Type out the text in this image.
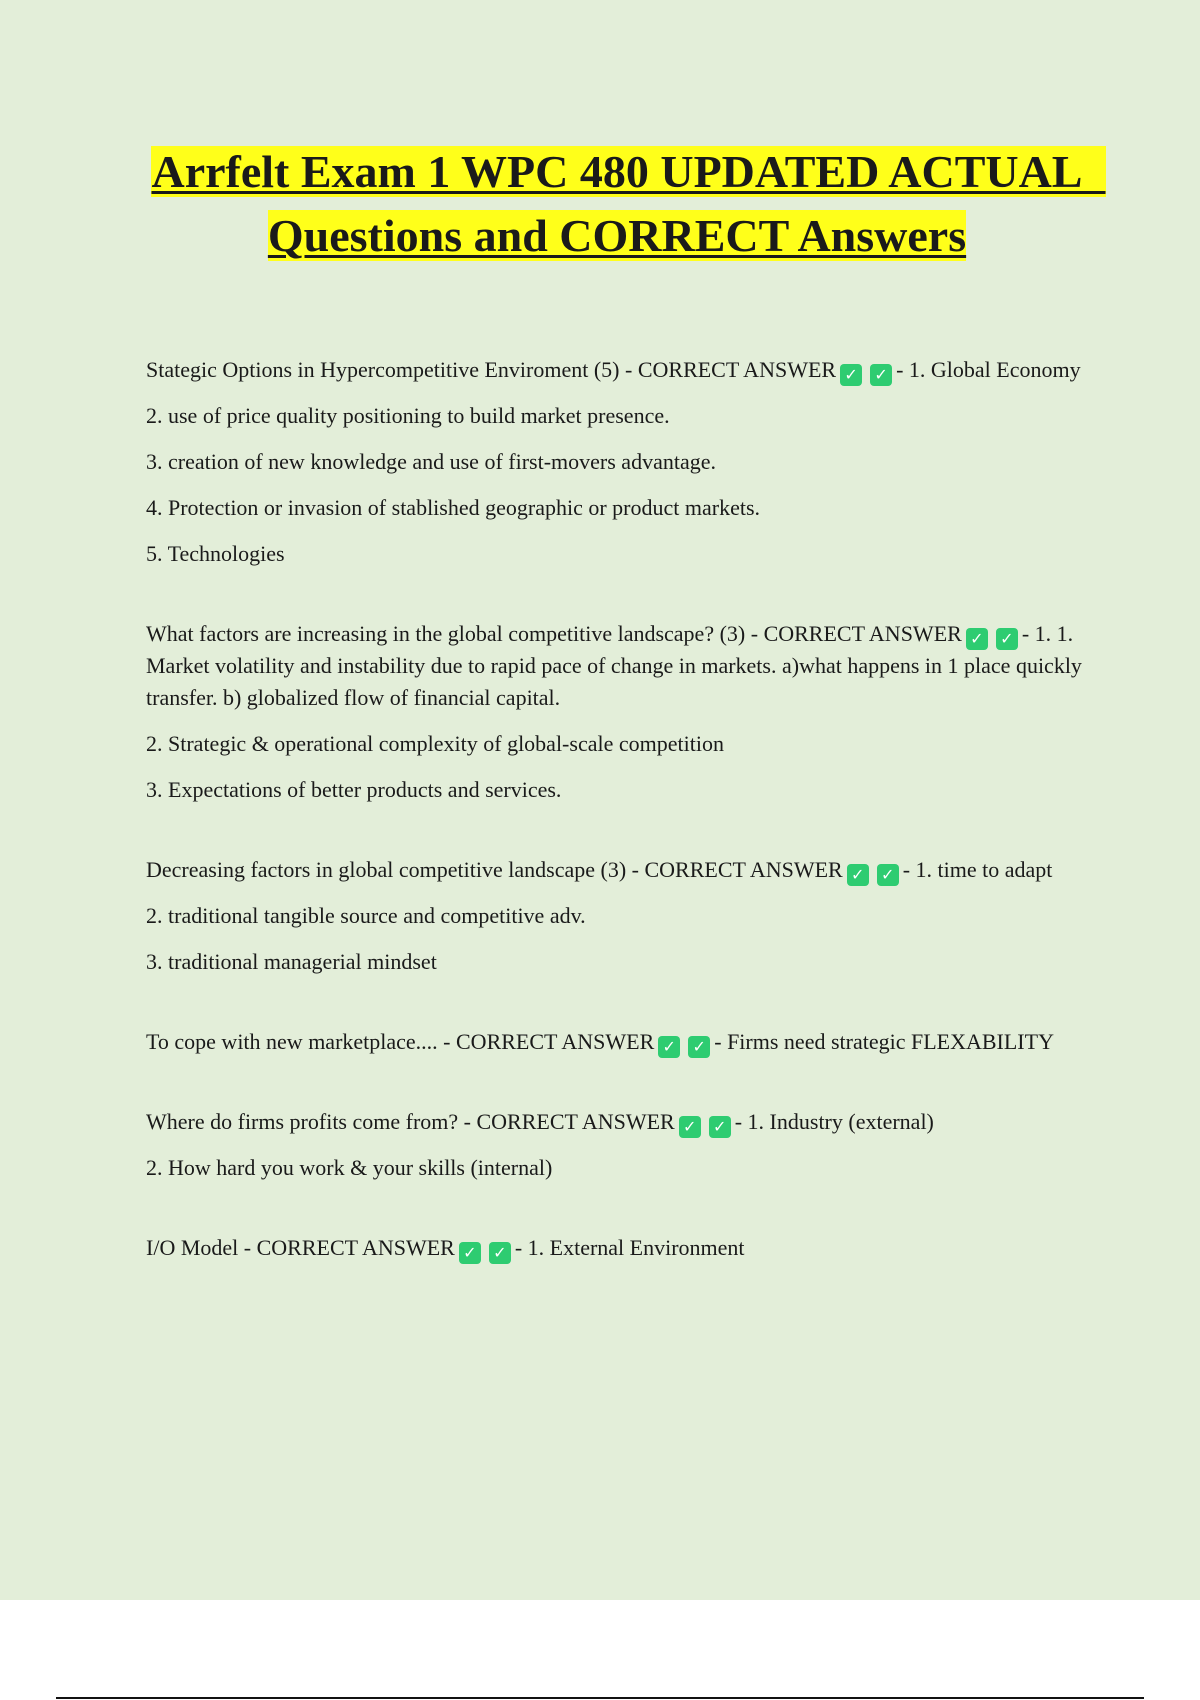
Arrfelt Exam 1 WPC 480 UPDATED ACTUAL  Questions and CORRECT Answers

Stategic Options in Hypercompetitive Enviroment (5) - CORRECT ANSWER ✓ ✓ - 1. Global Economy

2. use of price quality positioning to build market presence.

3. creation of new knowledge and use of first-movers advantage.

4. Protection or invasion of stablished geographic or product markets.

5. Technologies

What factors are increasing in the global competitive landscape? (3) - CORRECT ANSWER ✓ ✓ - 1. 1. Market volatility and instability due to rapid pace of change in markets. a)what happens in 1 place quickly transfer. b) globalized flow of financial capital.

2. Strategic & operational complexity of global-scale competition

3. Expectations of better products and services.

Decreasing factors in global competitive landscape (3) - CORRECT ANSWER ✓ ✓ - 1. time to adapt

2. traditional tangible source and competitive adv.

3. traditional managerial mindset

To cope with new marketplace.... - CORRECT ANSWER ✓ ✓ - Firms need strategic FLEXABILITY

Where do firms profits come from? - CORRECT ANSWER ✓ ✓ - 1. Industry (external)

2. How hard you work & your skills (internal)

I/O Model - CORRECT ANSWER ✓ ✓ - 1. External Environment
